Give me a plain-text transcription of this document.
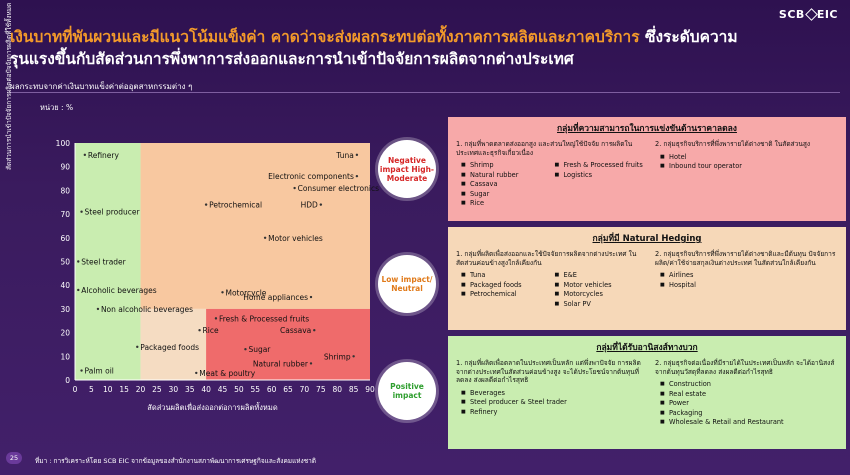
SCB EIC
เงินบาทที่พันผวนและมีแนวโน้มแข็งค่า คาดว่าจะส่งผลกระทบต่อทั้งภาคการผลิตและภาคบริการ ซึ่งระดับความ
รุนแรงขึ้นกับสัดส่วนการพึ่งพาการส่งออกและการนำเข้าปัจจัยการผลิตจากต่างประเทศ
ผลกระทบจากค่าเงินบาทแข็งค่าต่ออุตสาหกรรมต่าง ๆ
หน่วย : %
สัดส่วนการนำเข้าปัจจัยการผลิตต่อปัจจัยการผลิตที่ใช้ทั้งหมด
0 5 10 15 20 25 30 35 40 45 50 55 60 65 70 75 80 85 90
0
10
20
30
40
50
60
70
80
90
100
สัดส่วนผลิตเพื่อส่งออกต่อการผลิตทั้งหมด
Refinery	Tuna
Electronic components
Consumer electronics
Petrochemical	HDD
Steel producer
Motor vehicles
Steel trader
Alcoholic beverages	Motorcycle
Home appliances
Non alcoholic beverages
Fresh & Processed fruits
Rice	Cassava
Packaged foods	Sugar
Shrimp
Natural rubber
Palm oil	Meat & poultry
Negative impact High-Moderate
Low impact/ Neutral
Positive impact
กลุ่มที่ความสามารถในการแข่งขันด้านราคาลดลง
1. กลุ่มที่พาดตลาดส่งออกสูง และส่วนใหญ่ใช้ปัจจัย การผลิตในประเทศและธุรกิจเกี่ยวเนื่อง
■ Shrimp
■ Natural rubber
■ Cassava
■ Sugar
■ Rice
■ Fresh & Processed fruits
■ Logistics
2. กลุ่มธุรกิจบริการที่พึ่งพารายได้ต่างชาติ ในสัดส่วนสูง
■ Hotel
■ Inbound tour operator
กลุ่มที่มี Natural Hedging
1. กลุ่มที่ผลิตเพื่อส่งออกและใช้ปัจจัยการผลิตจากต่างประเทศ ในสัดส่วนค่อนข้างสูงใกล้เคียงกัน
■ Tuna
■ Packaged foods
■ Petrochemical
■ E&E
■ Motor vehicles
■ Motorcycles
■ Solar PV
2. กลุ่มธุรกิจบริการที่พึ่งพารายได้ต่างชาติและมีต้นทุน ปัจจัยการผลิต/ค่าใช้จ่ายสกุลเงินต่างประเทศ ในสัดส่วนใกล้เคียงกัน
■ Airlines
■ Hospital
กลุ่มที่ได้รับอานิสงส์ทางบวก
1. กลุ่มที่ผลิตเพื่อตลาดในประเทศเป็นหลัก แต่พึ่งพาปัจจัย การผลิตจากต่างประเทศในสัดส่วนค่อนข้างสูง จะได้ประโยชน์จากต้นทุนที่ลดลง ส่งผลดีต่อกำไรสุทธิ
■ Beverages
■ Steel producer & Steel trader
■ Refinery
2. กลุ่มธุรกิจต่อเนื่องที่มีรายได้ในประเทศเป็นหลัก จะได้อานิสงส์จากต้นทุนวัสดุที่ลดลง ส่งผลดีต่อกำไรสุทธิ
■ Construction
■ Real estate
■ Power
■ Packaging
■ Wholesale & Retail and Restaurant
25	ที่มา : การวิเคราะห์โดย SCB EIC จากข้อมูลของสำนักงานสภาพัฒนาการเศรษฐกิจและสังคมแห่งชาติ
